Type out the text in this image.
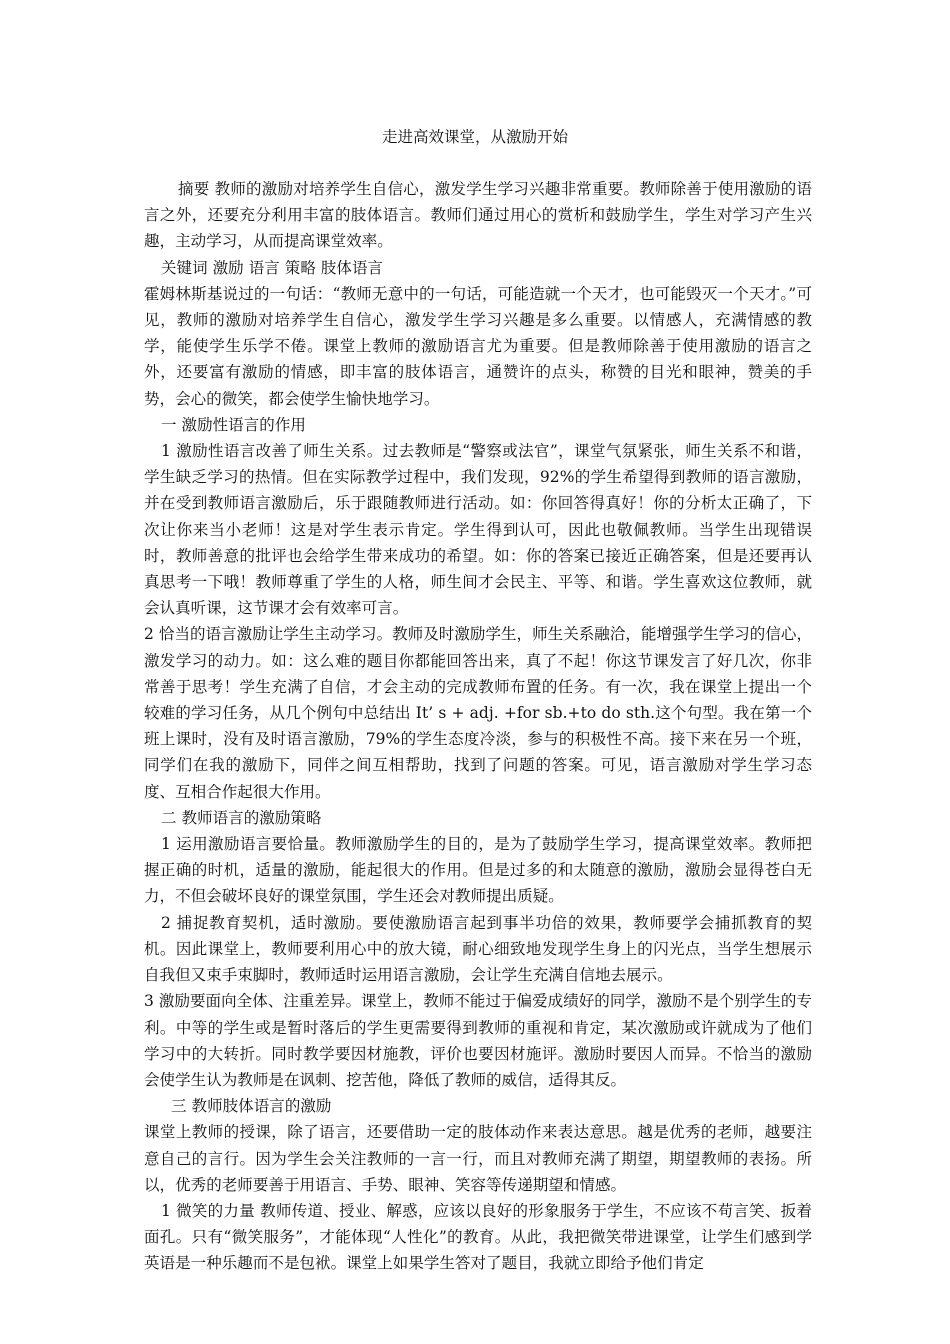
走进高效课堂，从激励开始

摘要 教师的激励对培养学生自信心，激发学生学习兴趣非常重要。教师除善于使用激励的语言之外，还要充分利用丰富的肢体语言。教师们通过用心的赏析和鼓励学生，学生对学习产生兴趣，主动学习，从而提高课堂效率。

关键词 激励 语言 策略 肢体语言

霍姆林斯基说过的一句话：“教师无意中的一句话，可能造就一个天才，也可能毁灭一个天才。”可见，教师的激励对培养学生自信心，激发学生学习兴趣是多么重要。以情感人，充满情感的教学，能使学生乐学不倦。课堂上教师的激励语言尤为重要。但是教师除善于使用激励的语言之外，还要富有激励的情感，即丰富的肢体语言，通赞许的点头，称赞的目光和眼神，赞美的手势，会心的微笑，都会使学生愉快地学习。

一 激励性语言的作用

1 激励性语言改善了师生关系。过去教师是“警察或法官”，课堂气氛紧张，师生关系不和谐，学生缺乏学习的热情。但在实际教学过程中，我们发现，92%的学生希望得到教师的语言激励，并在受到教师语言激励后，乐于跟随教师进行活动。如：你回答得真好！你的分析太正确了，下次让你来当小老师！这是对学生表示肯定。学生得到认可，因此也敬佩教师。当学生出现错误时，教师善意的批评也会给学生带来成功的希望。如：你的答案已接近正确答案，但是还要再认真思考一下哦！教师尊重了学生的人格，师生间才会民主、平等、和谐。学生喜欢这位教师，就会认真听课，这节课才会有效率可言。

2 恰当的语言激励让学生主动学习。教师及时激励学生，师生关系融洽，能增强学生学习的信心，激发学习的动力。如：这么难的题目你都能回答出来，真了不起！你这节课发言了好几次，你非常善于思考！学生充满了自信，才会主动的完成教师布置的任务。有一次，我在课堂上提出一个较难的学习任务，从几个例句中总结出 It’ s + adj. +for sb.+to do sth.这个句型。我在第一个班上课时，没有及时语言激励，79%的学生态度冷淡，参与的积极性不高。接下来在另一个班，同学们在我的激励下，同伴之间互相帮助，找到了问题的答案。可见，语言激励对学生学习态度、互相合作起很大作用。

二 教师语言的激励策略

1 运用激励语言要恰量。教师激励学生的目的，是为了鼓励学生学习，提高课堂效率。教师把握正确的时机，适量的激励，能起很大的作用。但是过多的和太随意的激励，激励会显得苍白无力，不但会破坏良好的课堂氛围，学生还会对教师提出质疑。

2 捕捉教育契机，适时激励。要使激励语言起到事半功倍的效果，教师要学会捕抓教育的契机。因此课堂上，教师要利用心中的放大镜，耐心细致地发现学生身上的闪光点，当学生想展示自我但又束手束脚时，教师适时运用语言激励，会让学生充满自信地去展示。

3 激励要面向全体、注重差异。课堂上，教师不能过于偏爱成绩好的同学，激励不是个别学生的专利。中等的学生或是暂时落后的学生更需要得到教师的重视和肯定，某次激励或许就成为了他们学习中的大转折。同时教学要因材施教，评价也要因材施评。激励时要因人而异。不恰当的激励会使学生认为教师是在讽刺、挖苦他，降低了教师的威信，适得其反。

三 教师肢体语言的激励

课堂上教师的授课，除了语言，还要借助一定的肢体动作来表达意思。越是优秀的老师，越要注意自己的言行。因为学生会关注教师的一言一行，而且对教师充满了期望，期望教师的表扬。所以，优秀的老师要善于用语言、手势、眼神、笑容等传递期望和情感。

1 微笑的力量 教师传道、授业、解惑，应该以良好的形象服务于学生，不应该不苟言笑、扳着面孔。只有“微笑服务”，才能体现“人性化”的教育。从此，我把微笑带进课堂，让学生们感到学英语是一种乐趣而不是包袱。课堂上如果学生答对了题目，我就立即给予他们肯定
